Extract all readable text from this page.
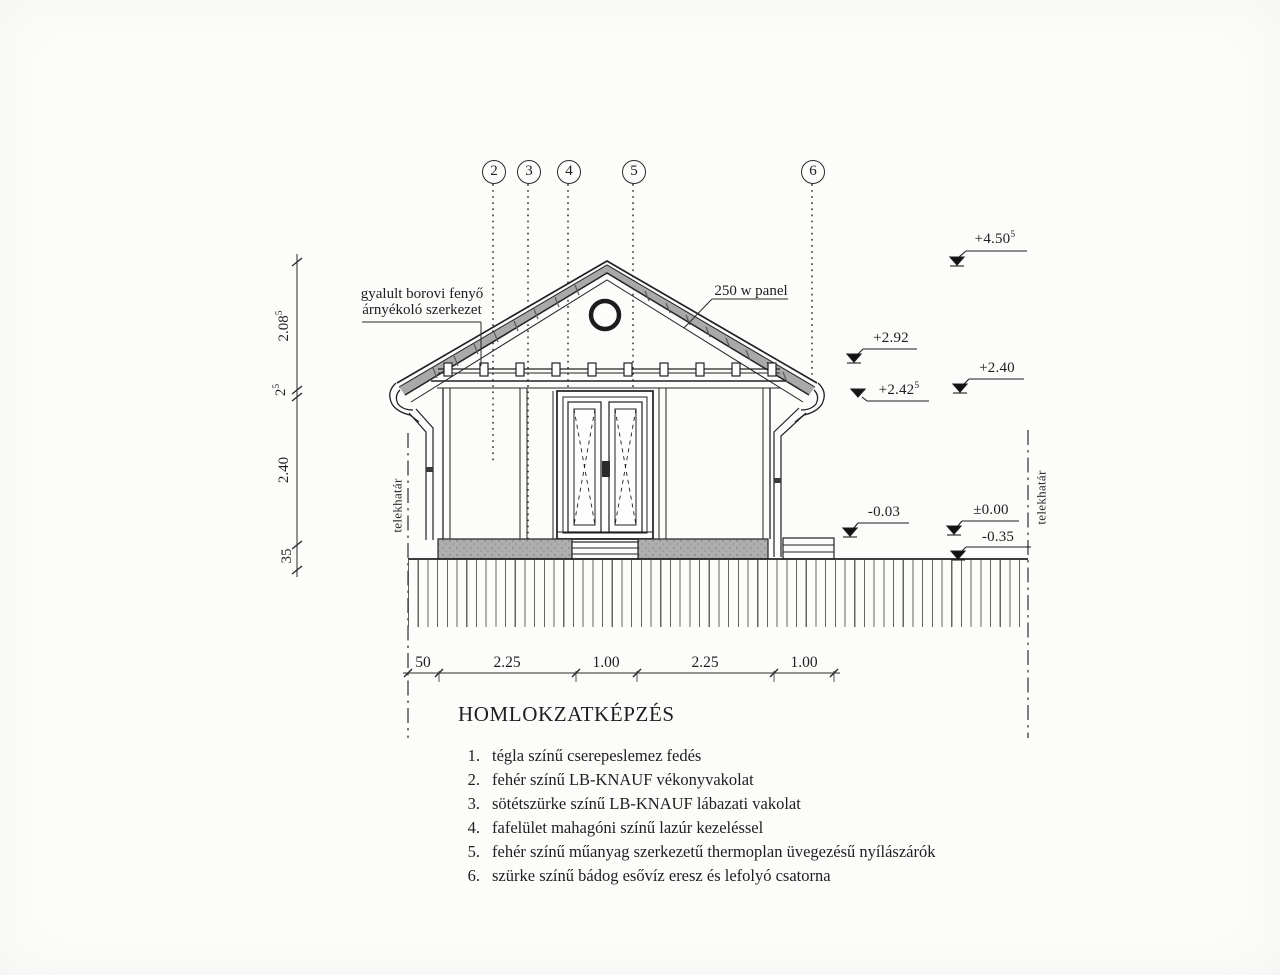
2	3	4	5	6
gyalult borovi fenyő
árnyékoló szerkezet
250 w panel
telekhatár	telekhatár
$+4.50^5$
+2.92
+2.40
$+2.42^5$
-0.03	±0.00
-0.35
2.08$^5$
$2^5$
2.40
35
50	2.25	1.00	2.25	1.00
HOMLOKZATKÉPZÉS
1. tégla színű cserepeslemez fedés
2. fehér színű LB-KNAUF vékonyvakolat
3. sötétszürke színű LB-KNAUF lábazati vakolat
4. fafelület mahagóni színű lazúr kezeléssel
5. fehér színű műanyag szerkezetű thermoplan üvegezésű nyílászárók
6. szürke színű bádog esővíz eresz és lefolyó csatorna
